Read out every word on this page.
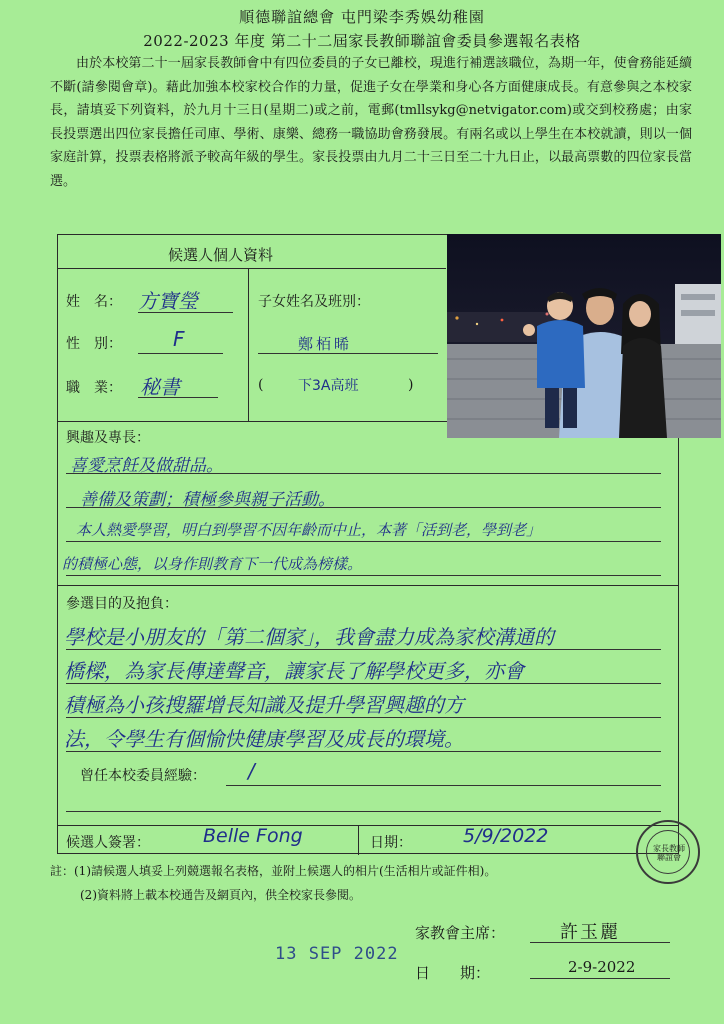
順德聯誼總會 屯門梁李秀娛幼稚園
2022-2023 年度 第二十二屆家長教師聯誼會委員參選報名表格
由於本校第二十一屆家長教師會中有四位委員的子女已離校，現進行補選該職位，為期一年，使會務能延續不斷(請參閱會章)。藉此加強本校家校合作的力量，促進子女在學業和身心各方面健康成長。有意參與之本校家長，請填妥下列資料，於九月十三日(星期二)或之前，電郵(tmllsykg@netvigator.com)或交到校務處；由家長投票選出四位家長擔任司庫、學術、康樂、總務一職協助會務發展。有兩名或以上學生在本校就讀，則以一個家庭計算，投票表格將派予較高年級的學生。家長投票由九月二十三日至二十九日止，以最高票數的四位家長當選。
候選人個人資料
姓　名： 方寶瑩
性　別：	F
職　業： 秘書
子女姓名及班別：
鄭栢晞
( 下3A高班	)
興趣及專長：
喜愛烹飪及做甜品。
善備及策劃；積極參與親子活動。
本人熱愛學習，明白到學習不因年齡而中止，本著「活到老，學到老」
的積極心態，以身作則教育下一代成為榜樣。
參選目的及抱負：
學校是小朋友的「第二個家」，我會盡力成為家校溝通的
橋樑，為家長傳達聲音，讓家長了解學校更多，亦會
積極為小孩搜羅增長知識及提升學習興趣的方
法，令學生有個愉快健康學習及成長的環境。
曾任本校委員經驗： /
候選人簽署：	Belle Fong	日期：	5/9/2022
家長教師聯誼會
註：(1)請候選人填妥上列競選報名表格，並附上候選人的相片(生活相片或証件相)。
(2)資料將上載本校通告及網頁內，供全校家長參閱。
家教會主席：	許玉麗
13 SEP 2022
日　　期：	2-9-2022
